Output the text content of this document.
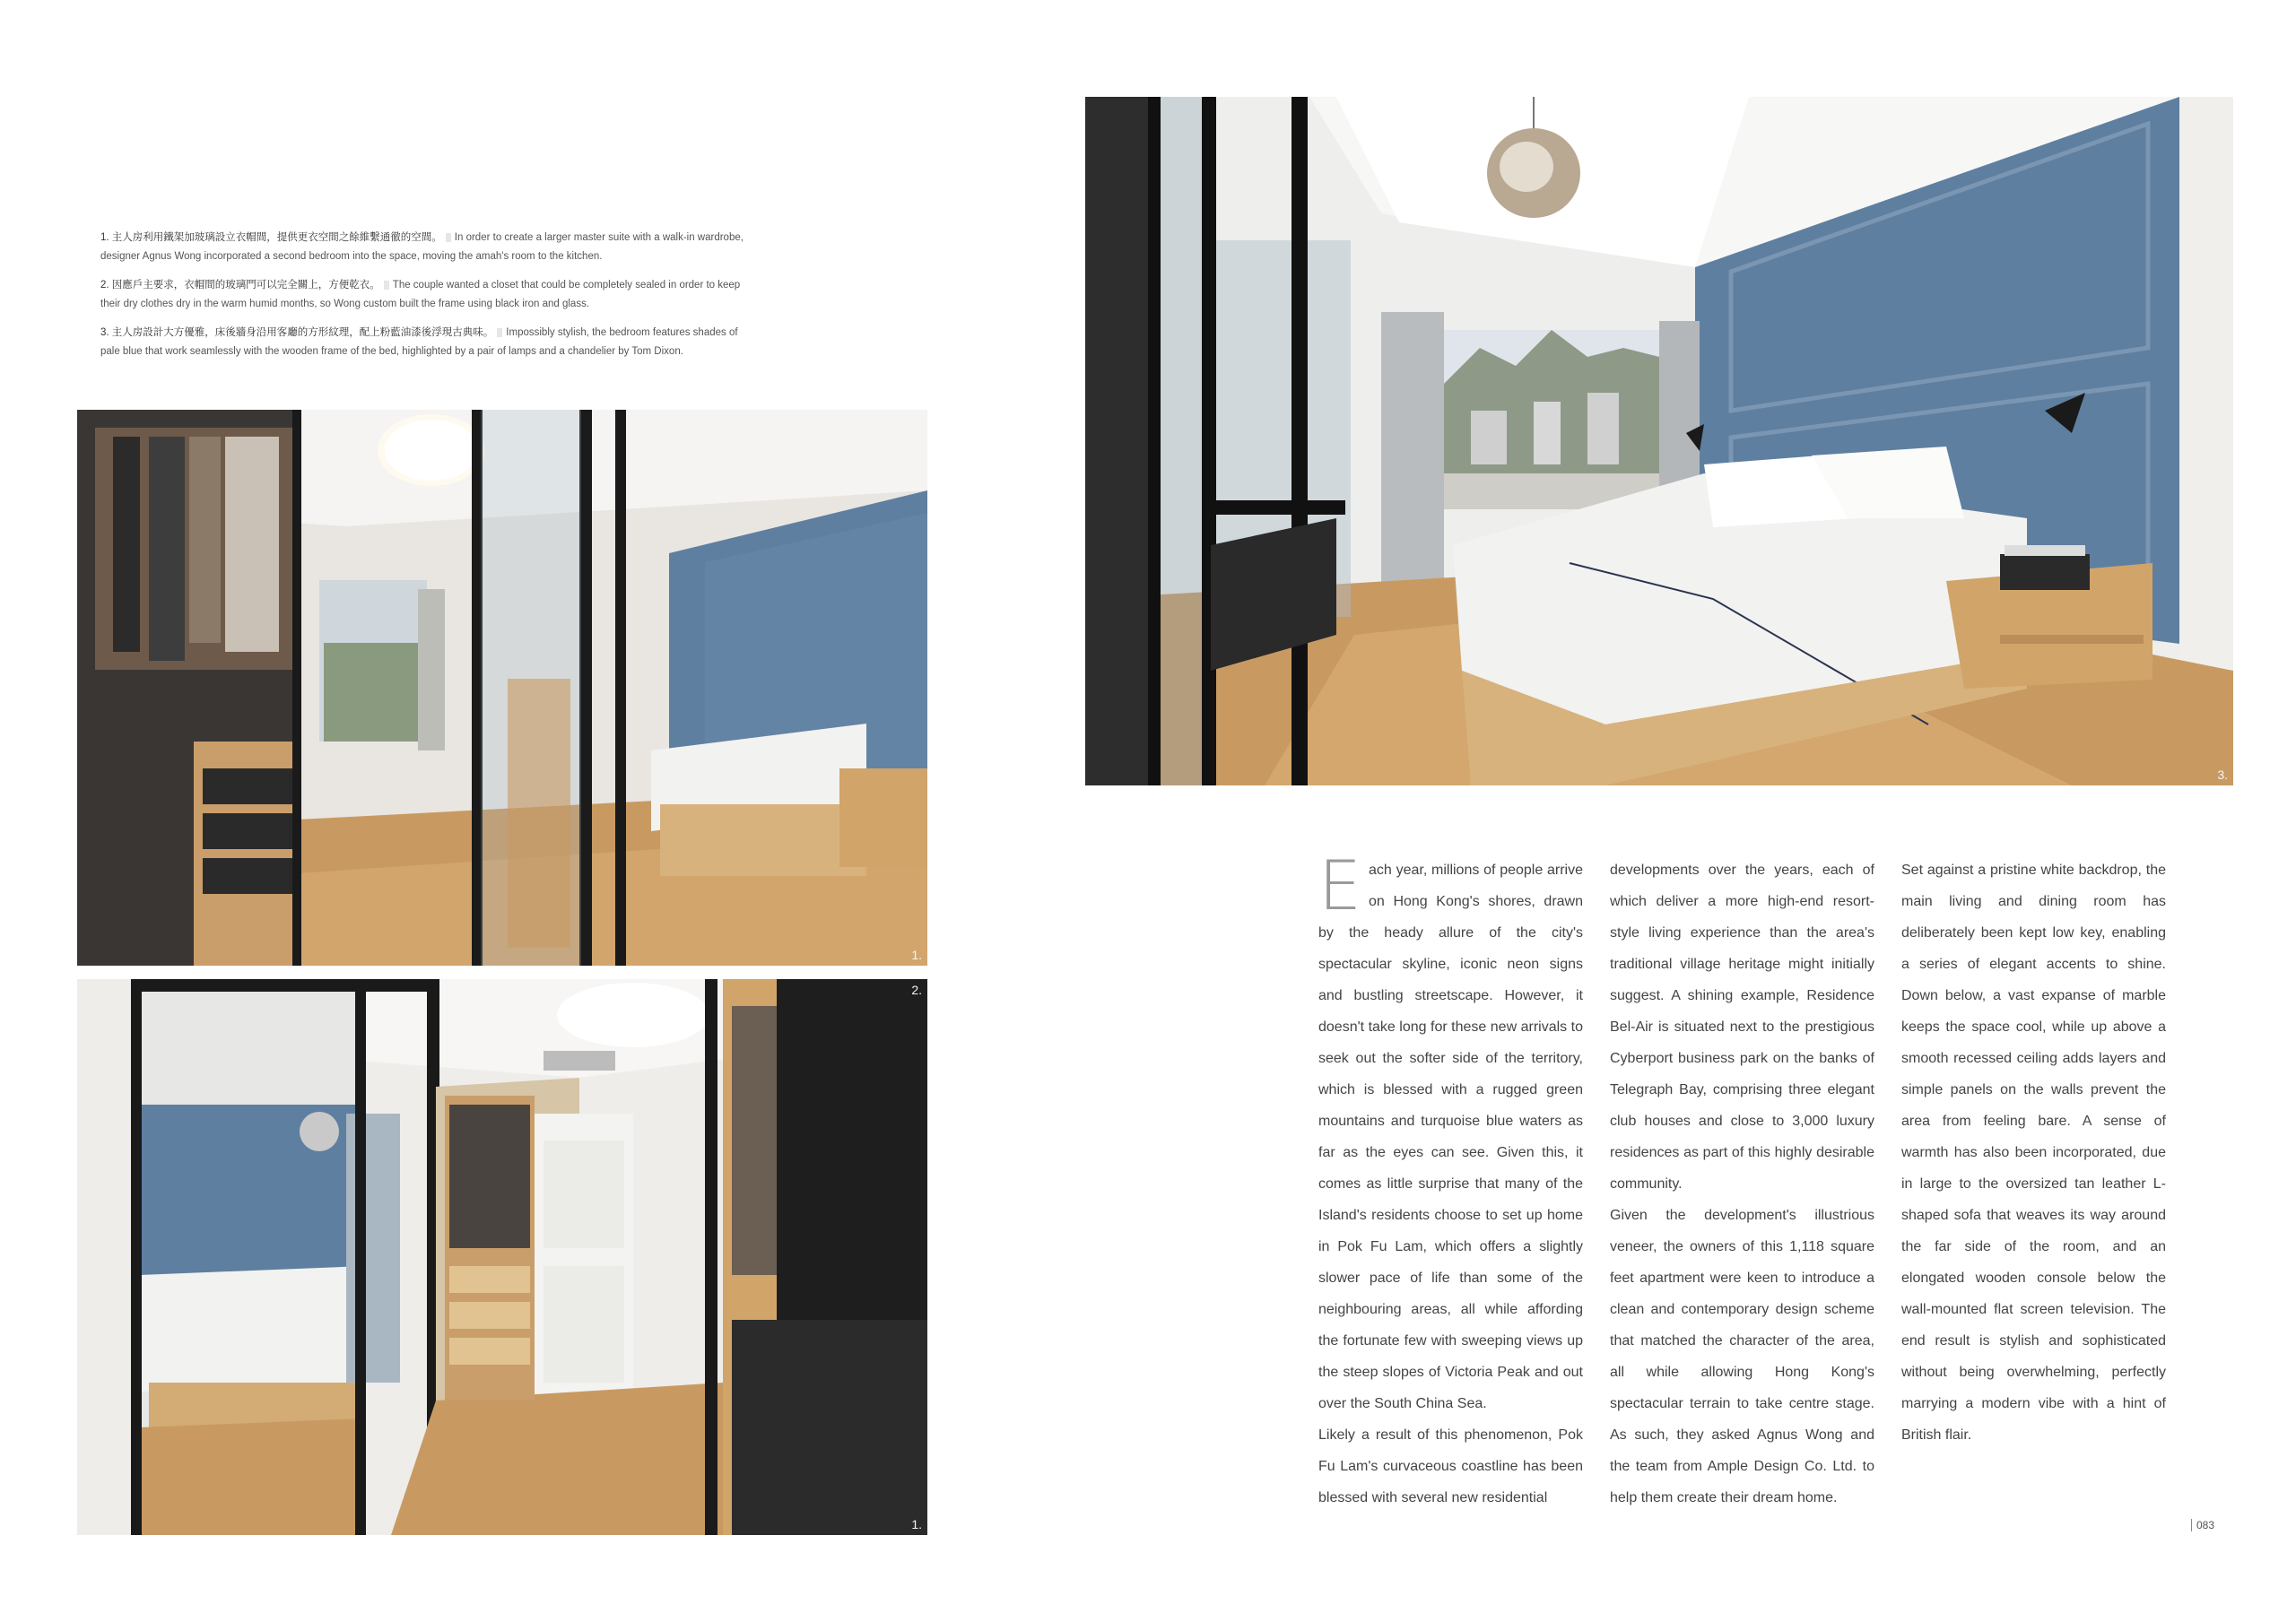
1. 主人房利用鐵架加玻璃設立衣帽間，提供更衣空間之餘維繫通徹的空間。 In order to create a larger master suite with a walk-in wardrobe, designer Agnus Wong incorporated a second bedroom into the space, moving the amah's room to the kitchen.

2. 因應戶主要求，衣帽間的玻璃門可以完全關上，方便乾衣。 The couple wanted a closet that could be completely sealed in order to keep their dry clothes dry in the warm humid months, so Wong custom built the frame using black iron and glass.

3. 主人房設計大方優雅，床後牆身沿用客廳的方形紋理，配上粉藍油漆後浮現古典味。 Impossibly stylish, the bedroom features shades of pale blue that work seamlessly with the wooden frame of the bed, highlighted by a pair of lamps and a chandelier by Tom Dixon.

1.
2.
1.
3.

Each year, millions of people arrive on Hong Kong's shores, drawn by the heady allure of the city's spectacular skyline, iconic neon signs and bustling streetscape. However, it doesn't take long for these new arrivals to seek out the softer side of the territory, which is blessed with a rugged green mountains and turquoise blue waters as far as the eyes can see. Given this, it comes as little surprise that many of the Island's residents choose to set up home in Pok Fu Lam, which offers a slightly slower pace of life than some of the neighbouring areas, all while affording the fortunate few with sweeping views up the steep slopes of Victoria Peak and out over the South China Sea.

Likely a result of this phenomenon, Pok Fu Lam's curvaceous coastline has been blessed with several new residential

developments over the years, each of which deliver a more high-end resort-style living experience than the area's traditional village heritage might initially suggest. A shining example, Residence Bel-Air is situated next to the prestigious Cyberport business park on the banks of Telegraph Bay, comprising three elegant club houses and close to 3,000 luxury residences as part of this highly desirable community.

Given the development's illustrious veneer, the owners of this 1,118 square feet apartment were keen to introduce a clean and contemporary design scheme that matched the character of the area, all while allowing Hong Kong's spectacular terrain to take centre stage. As such, they asked Agnus Wong and the team from Ample Design Co. Ltd. to help them create their dream home.

Set against a pristine white backdrop, the main living and dining room has deliberately been kept low key, enabling a series of elegant accents to shine. Down below, a vast expanse of marble keeps the space cool, while up above a smooth recessed ceiling adds layers and simple panels on the walls prevent the area from feeling bare. A sense of warmth has also been incorporated, due in large to the oversized tan leather L-shaped sofa that weaves its way around the far side of the room, and an elongated wooden console below the wall-mounted flat screen television. The end result is stylish and sophisticated without being overwhelming, perfectly marrying a modern vibe with a hint of British flair.

083
